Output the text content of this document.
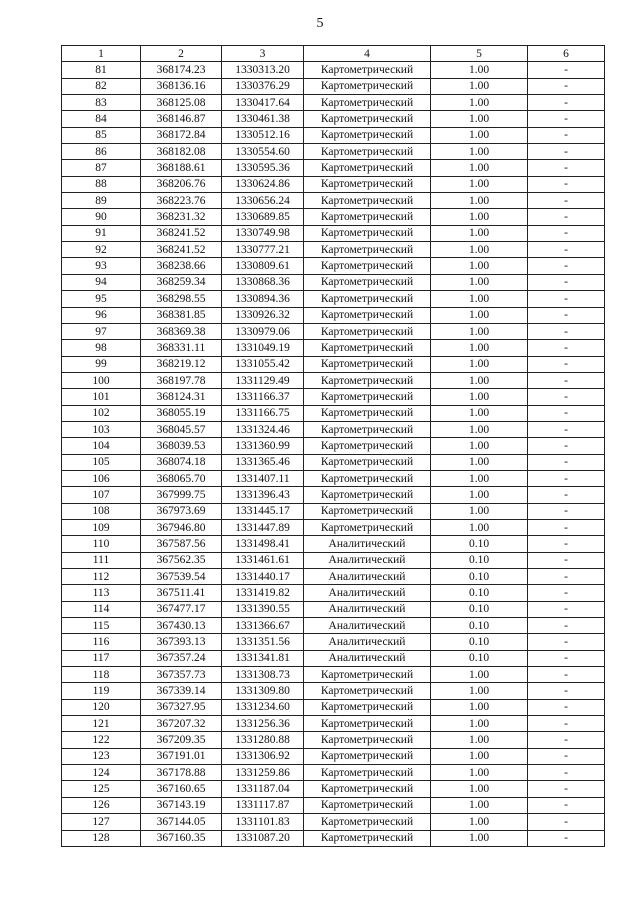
5
1	2	3	4	5	6
81	368174.23	1330313.20	Картометрический	1.00	-
82	368136.16	1330376.29	Картометрический	1.00	-
83	368125.08	1330417.64	Картометрический	1.00	-
84	368146.87	1330461.38	Картометрический	1.00	-
85	368172.84	1330512.16	Картометрический	1.00	-
86	368182.08	1330554.60	Картометрический	1.00	-
87	368188.61	1330595.36	Картометрический	1.00	-
88	368206.76	1330624.86	Картометрический	1.00	-
89	368223.76	1330656.24	Картометрический	1.00	-
90	368231.32	1330689.85	Картометрический	1.00	-
91	368241.52	1330749.98	Картометрический	1.00	-
92	368241.52	1330777.21	Картометрический	1.00	-
93	368238.66	1330809.61	Картометрический	1.00	-
94	368259.34	1330868.36	Картометрический	1.00	-
95	368298.55	1330894.36	Картометрический	1.00	-
96	368381.85	1330926.32	Картометрический	1.00	-
97	368369.38	1330979.06	Картометрический	1.00	-
98	368331.11	1331049.19	Картометрический	1.00	-
99	368219.12	1331055.42	Картометрический	1.00	-
100	368197.78	1331129.49	Картометрический	1.00	-
101	368124.31	1331166.37	Картометрический	1.00	-
102	368055.19	1331166.75	Картометрический	1.00	-
103	368045.57	1331324.46	Картометрический	1.00	-
104	368039.53	1331360.99	Картометрический	1.00	-
105	368074.18	1331365.46	Картометрический	1.00	-
106	368065.70	1331407.11	Картометрический	1.00	-
107	367999.75	1331396.43	Картометрический	1.00	-
108	367973.69	1331445.17	Картометрический	1.00	-
109	367946.80	1331447.89	Картометрический	1.00	-
110	367587.56	1331498.41	Аналитический	0.10	-
111	367562.35	1331461.61	Аналитический	0.10	-
112	367539.54	1331440.17	Аналитический	0.10	-
113	367511.41	1331419.82	Аналитический	0.10	-
114	367477.17	1331390.55	Аналитический	0.10	-
115	367430.13	1331366.67	Аналитический	0.10	-
116	367393.13	1331351.56	Аналитический	0.10	-
117	367357.24	1331341.81	Аналитический	0.10	-
118	367357.73	1331308.73	Картометрический	1.00	-
119	367339.14	1331309.80	Картометрический	1.00	-
120	367327.95	1331234.60	Картометрический	1.00	-
121	367207.32	1331256.36	Картометрический	1.00	-
122	367209.35	1331280.88	Картометрический	1.00	-
123	367191.01	1331306.92	Картометрический	1.00	-
124	367178.88	1331259.86	Картометрический	1.00	-
125	367160.65	1331187.04	Картометрический	1.00	-
126	367143.19	1331117.87	Картометрический	1.00	-
127	367144.05	1331101.83	Картометрический	1.00	-
128	367160.35	1331087.20	Картометрический	1.00	-
